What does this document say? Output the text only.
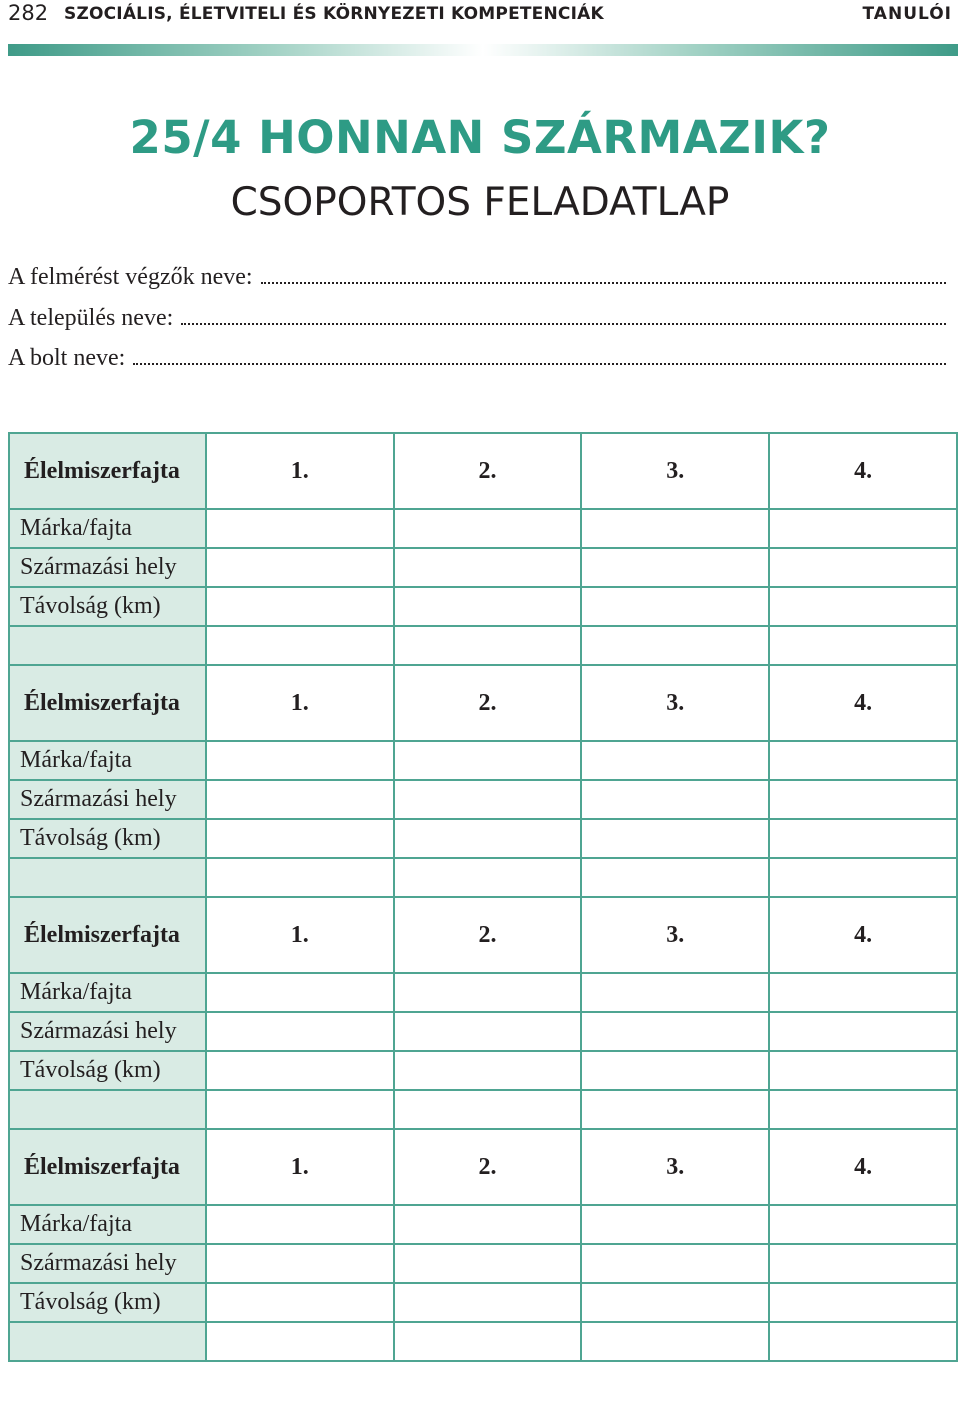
282 SZOCIÁLIS, ÉLETVITELI ÉS KÖRNYEZETI KOMPETENCIÁK	TANULÓI
25/4 HONNAN SZÁRMAZIK?
CSOPORTOS FELADATLAP
A felmérést végzők neve:
A település neve:
A bolt neve:
Élelmiszerfajta	1.	2.	3.	4.
Márka/fajta				
Származási hely				
Távolság (km)				

Élelmiszerfajta	1.	2.	3.	4.
Márka/fajta				
Származási hely				
Távolság (km)				

Élelmiszerfajta	1.	2.	3.	4.
Márka/fajta				
Származási hely				
Távolság (km)				

Élelmiszerfajta	1.	2.	3.	4.
Márka/fajta				
Származási hely				
Távolság (km)				
